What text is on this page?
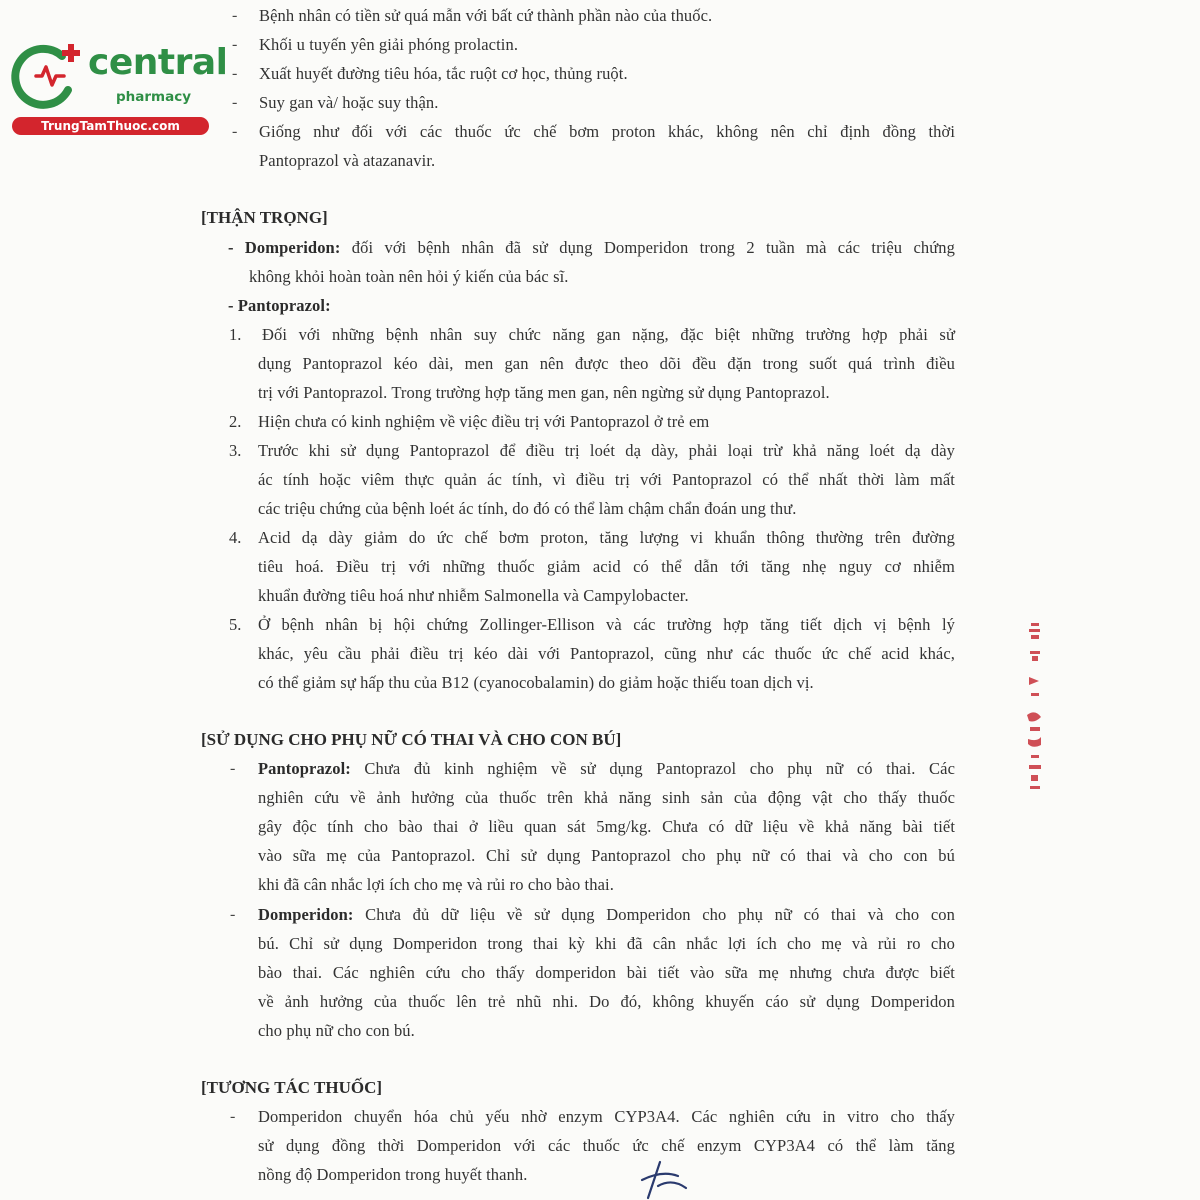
central
pharmacy
TrungTamThuoc.com
- Bệnh nhân có tiền sử quá mẫn với bất cứ thành phần nào của thuốc.
- Khối u tuyến yên giải phóng prolactin.
- Xuất huyết đường tiêu hóa, tắc ruột cơ học, thủng ruột.
- Suy gan và/ hoặc suy thận.
- Giống như đối với các thuốc ức chế bơm proton khác, không nên chỉ định đồng thời
Pantoprazol và atazanavir.
[THẬN TRỌNG]
- Domperidon: đối với bệnh nhân đã sử dụng Domperidon trong 2 tuần mà các triệu chứng
không khỏi hoàn toàn nên hỏi ý kiến của bác sĩ.
- Pantoprazol:
1. Đối với những bệnh nhân suy chức năng gan nặng, đặc biệt những trường hợp phải sử
dụng Pantoprazol kéo dài, men gan nên được theo dõi đều đặn trong suốt quá trình điều
trị với Pantoprazol. Trong trường hợp tăng men gan, nên ngừng sử dụng Pantoprazol.
2. Hiện chưa có kinh nghiệm về việc điều trị với Pantoprazol ở trẻ em
3. Trước khi sử dụng Pantoprazol để điều trị loét dạ dày, phải loại trừ khả năng loét dạ dày
ác tính hoặc viêm thực quản ác tính, vì điều trị với Pantoprazol có thể nhất thời làm mất
các triệu chứng của bệnh loét ác tính, do đó có thể làm chậm chẩn đoán ung thư.
4. Acid dạ dày giảm do ức chế bơm proton, tăng lượng vi khuẩn thông thường trên đường
tiêu hoá. Điều trị với những thuốc giảm acid có thể dẫn tới tăng nhẹ nguy cơ nhiễm
khuẩn đường tiêu hoá như nhiễm Salmonella và Campylobacter.
5. Ở bệnh nhân bị hội chứng Zollinger-Ellison và các trường hợp tăng tiết dịch vị bệnh lý
khác, yêu cầu phải điều trị kéo dài với Pantoprazol, cũng như các thuốc ức chế acid khác,
có thể giảm sự hấp thu của B12 (cyanocobalamin) do giảm hoặc thiếu toan dịch vị.
[SỬ DỤNG CHO PHỤ NỮ CÓ THAI VÀ CHO CON BÚ]
- Pantoprazol: Chưa đủ kinh nghiệm về sử dụng Pantoprazol cho phụ nữ có thai. Các
nghiên cứu về ảnh hưởng của thuốc trên khả năng sinh sản của động vật cho thấy thuốc
gây độc tính cho bào thai ở liều quan sát 5mg/kg. Chưa có dữ liệu về khả năng bài tiết
vào sữa mẹ của Pantoprazol. Chỉ sử dụng Pantoprazol cho phụ nữ có thai và cho con bú
khi đã cân nhắc lợi ích cho mẹ và rủi ro cho bào thai.
- Domperidon: Chưa đủ dữ liệu về sử dụng Domperidon cho phụ nữ có thai và cho con
bú. Chỉ sử dụng Domperidon trong thai kỳ khi đã cân nhắc lợi ích cho mẹ và rủi ro cho
bào thai. Các nghiên cứu cho thấy domperidon bài tiết vào sữa mẹ nhưng chưa được biết
về ảnh hưởng của thuốc lên trẻ nhũ nhi. Do đó, không khuyến cáo sử dụng Domperidon
cho phụ nữ cho con bú.
[TƯƠNG TÁC THUỐC]
- Domperidon chuyển hóa chủ yếu nhờ enzym CYP3A4. Các nghiên cứu in vitro cho thấy
sử dụng đồng thời Domperidon với các thuốc ức chế enzym CYP3A4 có thể làm tăng
nồng độ Domperidon trong huyết thanh.
